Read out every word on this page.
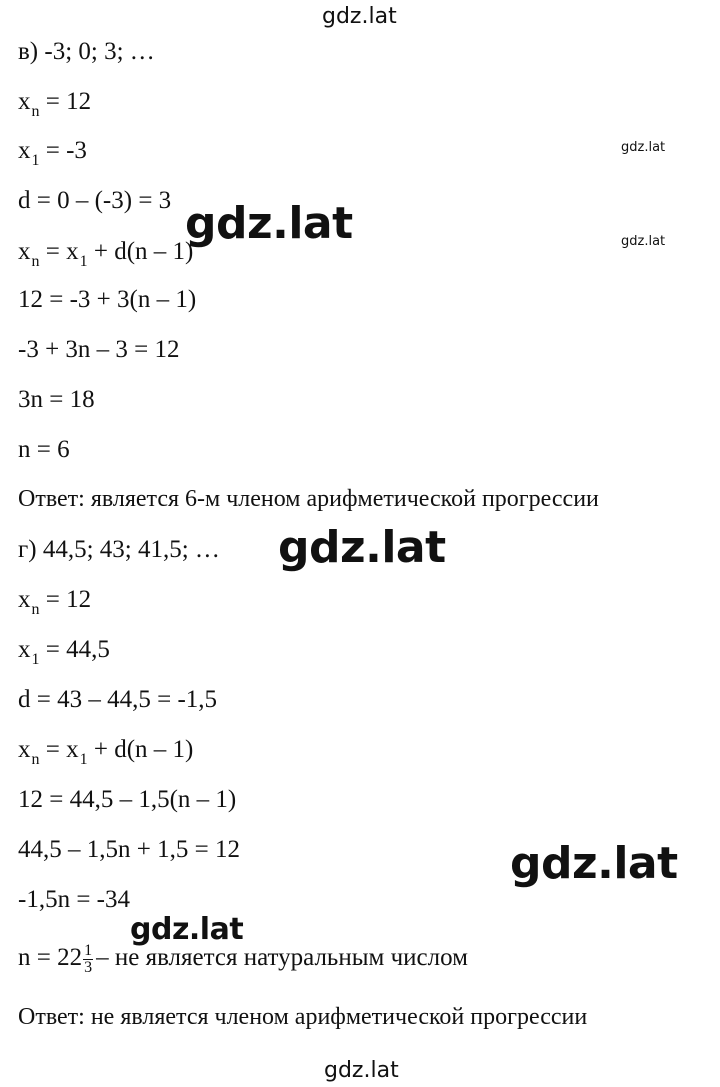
gdz.lat
gdz.lat
gdz.lat
gdz.lat
gdz.lat
gdz.lat
gdz.lat
gdz.lat
в) -3; 0; 3; …
$x_n = 12$
$x_1 = -3$
d = 0 – (-3) = 3
$x_n = x_1 + d(n - 1)$
12 = -3 + 3(n – 1)
-3 + 3n – 3 = 12
3n = 18
n = 6
Ответ: является 6-м членом арифметической прогрессии
г) 44,5; 43; 41,5; …
$x_n = 12$
$x_1 = 44,5$
d = 43 – 44,5 = -1,5
$x_n = x_1 + d(n - 1)$
12 = 44,5 – 1,5(n – 1)
44,5 – 1,5n + 1,5 = 12
-1,5n = -34
$n = 22 \frac{1}{3}$ – не является натуральным числом
Ответ: не является членом арифметической прогрессии
